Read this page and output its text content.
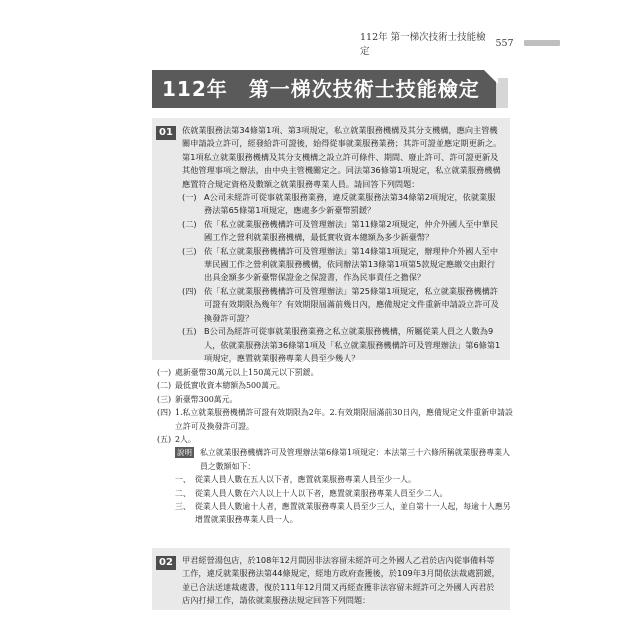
112年 第一梯次技術士技能檢定
557
112年　第一梯次技術士技能檢定
01	依就業服務法第34條第1項、第3項規定，私立就業服務機構及其分支機構，應向主管機關申請設立許可，經發給許可證後，始得從事就業服務業務；其許可證並應定期更新之。第1項私立就業服務機構及其分支機構之設立許可條件、期間、廢止許可、許可證更新及其他管理事項之辦法，由中央主管機關定之。同法第36條第1項規定，私立就業服務機構應置符合規定資格及數額之就業服務專業人員。請回答下列問題：

(一) A公司未經許可從事就業服務業務，違反就業服務法第34條第2項規定，依就業服務法第65條第1項規定，應處多少新臺幣罰鍰？
(二) 依「私立就業服務機構許可及管理辦法」第11條第2項規定，仲介外國人至中華民國工作之營利就業服務機構，最低實收資本總額為多少新臺幣？
(三) 依「私立就業服務機構許可及管理辦法」第14條第1項規定，辦理仲介外國人至中華民國工作之營利就業服務機構，依同辦法第13條第1項第5款規定應繳交由銀行出具金額多少新臺幣保證金之保證書，作為民事責任之擔保？
(四) 依「私立就業服務機構許可及管理辦法」第25條第1項規定，私立就業服務機構許可證有效期限為幾年？有效期限屆滿前幾日內，應備規定文件重新申請設立許可及換發許可證？
(五) B公司為經許可從事就業服務業務之私立就業服務機構，所屬從業人員之人數為9人，依就業服務法第36條第1項及「私立就業服務機構許可及管理辦法」第6條第1項規定，應置就業服務專業人員至少幾人？
(一) 處新臺幣30萬元以上150萬元以下罰鍰。
(二) 最低實收資本總額為500萬元。
(三) 新臺幣300萬元。
(四) 1.私立就業服務機構許可證有效期限為2年。2.有效期限屆滿前30日內，應備規定文件重新申請設立許可及換發許可證。
(五) 2人。
說明 私立就業服務機構許可及管理辦法第6條第1項規定：本法第三十六條所稱就業服務專業人員之數額如下：
一、 從業人員人數在五人以下者，應置就業服務專業人員至少一人。
二、 從業人員人數在六人以上十人以下者，應置就業服務專業人員至少二人。
三、 從業人員人數逾十人者，應置就業服務專業人員至少三人，並自第十一人起，每逾十人應另增置就業服務專業人員一人。
02	甲君經營湯包店，於108年12月間因非法容留未經許可之外國人乙君於店內從事備料等工作，違反就業服務法第44條規定，經地方政府查獲後，於109年3月間依法裁處罰鍰，並已合法送達裁處書，復於111年12月間又再經查獲非法容留未經許可之外國人丙君於店內打掃工作，請依就業服務法規定回答下列問題：
